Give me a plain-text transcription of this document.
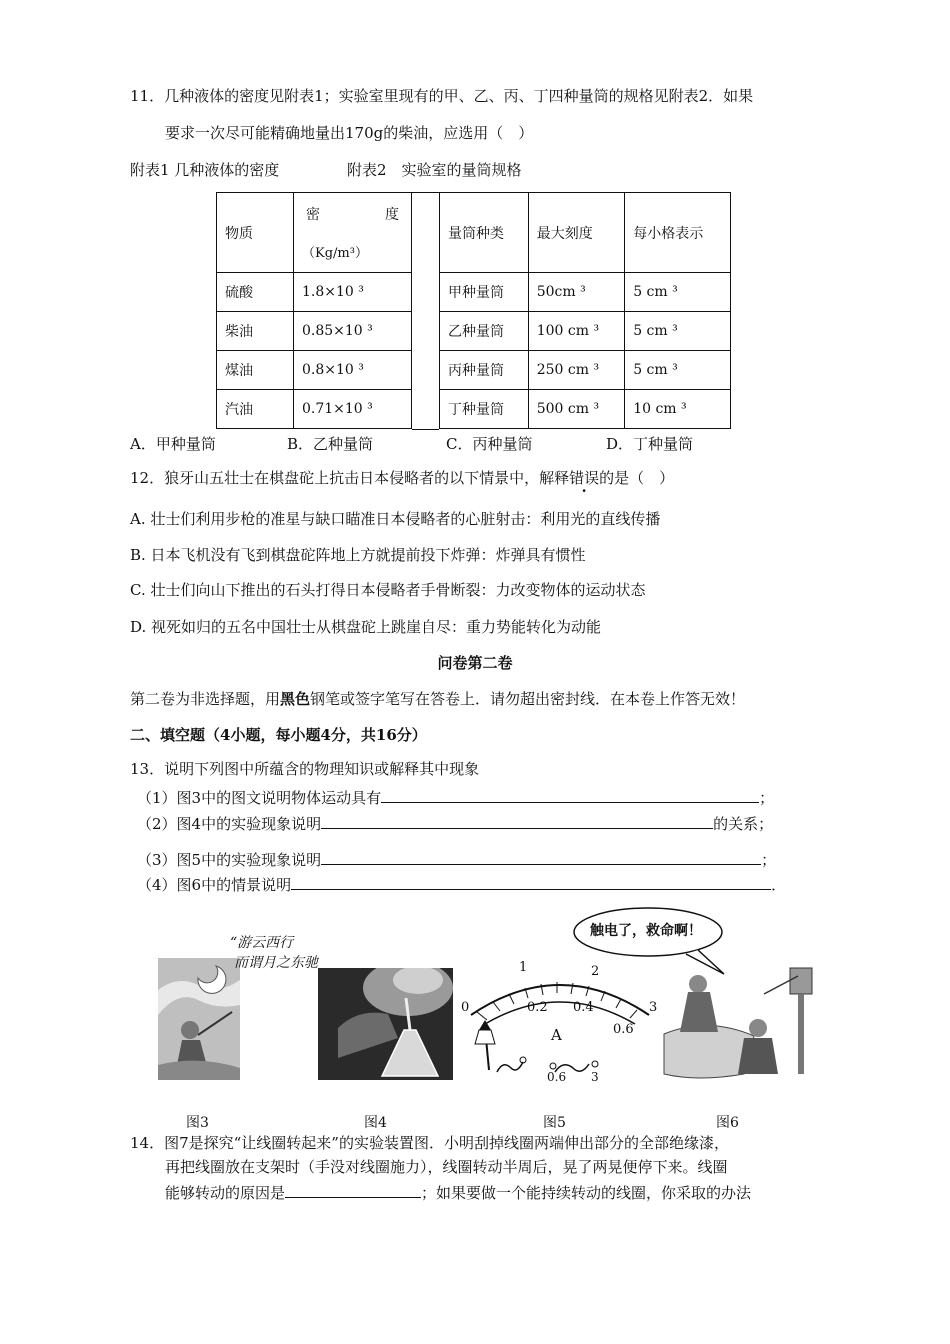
11．几种液体的密度见附表1；实验室里现有的甲、乙、丙、丁四种量筒的规格见附表2．如果
要求一次尽可能精确地量出170g的柴油，应选用（　）
附表1 几种液体的密度	附表2　实验室的量筒规格
物质	密 度
（Kg/m³）

硫酸	1.8×10 ³
柴油	0.85×10 ³
煤油	0.8×10 ³
汽油	0.71×10 ³
量筒种类	最大刻度	每小格表示
甲种量筒	50cm ³	5 cm ³
乙种量筒	100 cm ³	5 cm ³
丙种量筒	250 cm ³	5 cm ³
丁种量筒	500 cm ³	10 cm ³
A．甲种量筒	B．乙种量筒	C．丙种量筒	D．丁种量筒
12．狼牙山五壮士在棋盘砣上抗击日本侵略者的以下情景中，解释错误的是（　）
A. 壮士们利用步枪的准星与缺口瞄准日本侵略者的心脏射击：利用光的直线传播
B. 日本飞机没有飞到棋盘砣阵地上方就提前投下炸弹：炸弹具有惯性
C. 壮士们向山下推出的石头打得日本侵略者手骨断裂：力改变物体的运动状态
D. 视死如归的五名中国壮士从棋盘砣上跳崖自尽：重力势能转化为动能
问卷第二卷
第二卷为非选择题，用黑色钢笔或签字笔写在答卷上．请勿超出密封线．在本卷上作答无效！
二、填空题（4小题，每小题4分，共16分）
13．说明下列图中所蕴含的物理知识或解释其中现象
（1）图3中的图文说明物体运动具有	；
（2）图4中的实验现象说明	的关系；
（3）图5中的实验现象说明	；
（4）图6中的情景说明	．
“游云西行
而谓月之东驰
0
1
0.2
2
0.4
0.6
3
A
0.6 3
触电了，救命啊！
图3	图4	图5	图6
14．图7是探究“让线圈转起来”的实验装置图．小明刮掉线圈两端伸出部分的全部绝缘漆，
再把线圈放在支架时（手没对线圈施力），线圈转动半周后，晃了两晃便停下来。线圈
能够转动的原因是	；如果要做一个能持续转动的线圈，你采取的办法
